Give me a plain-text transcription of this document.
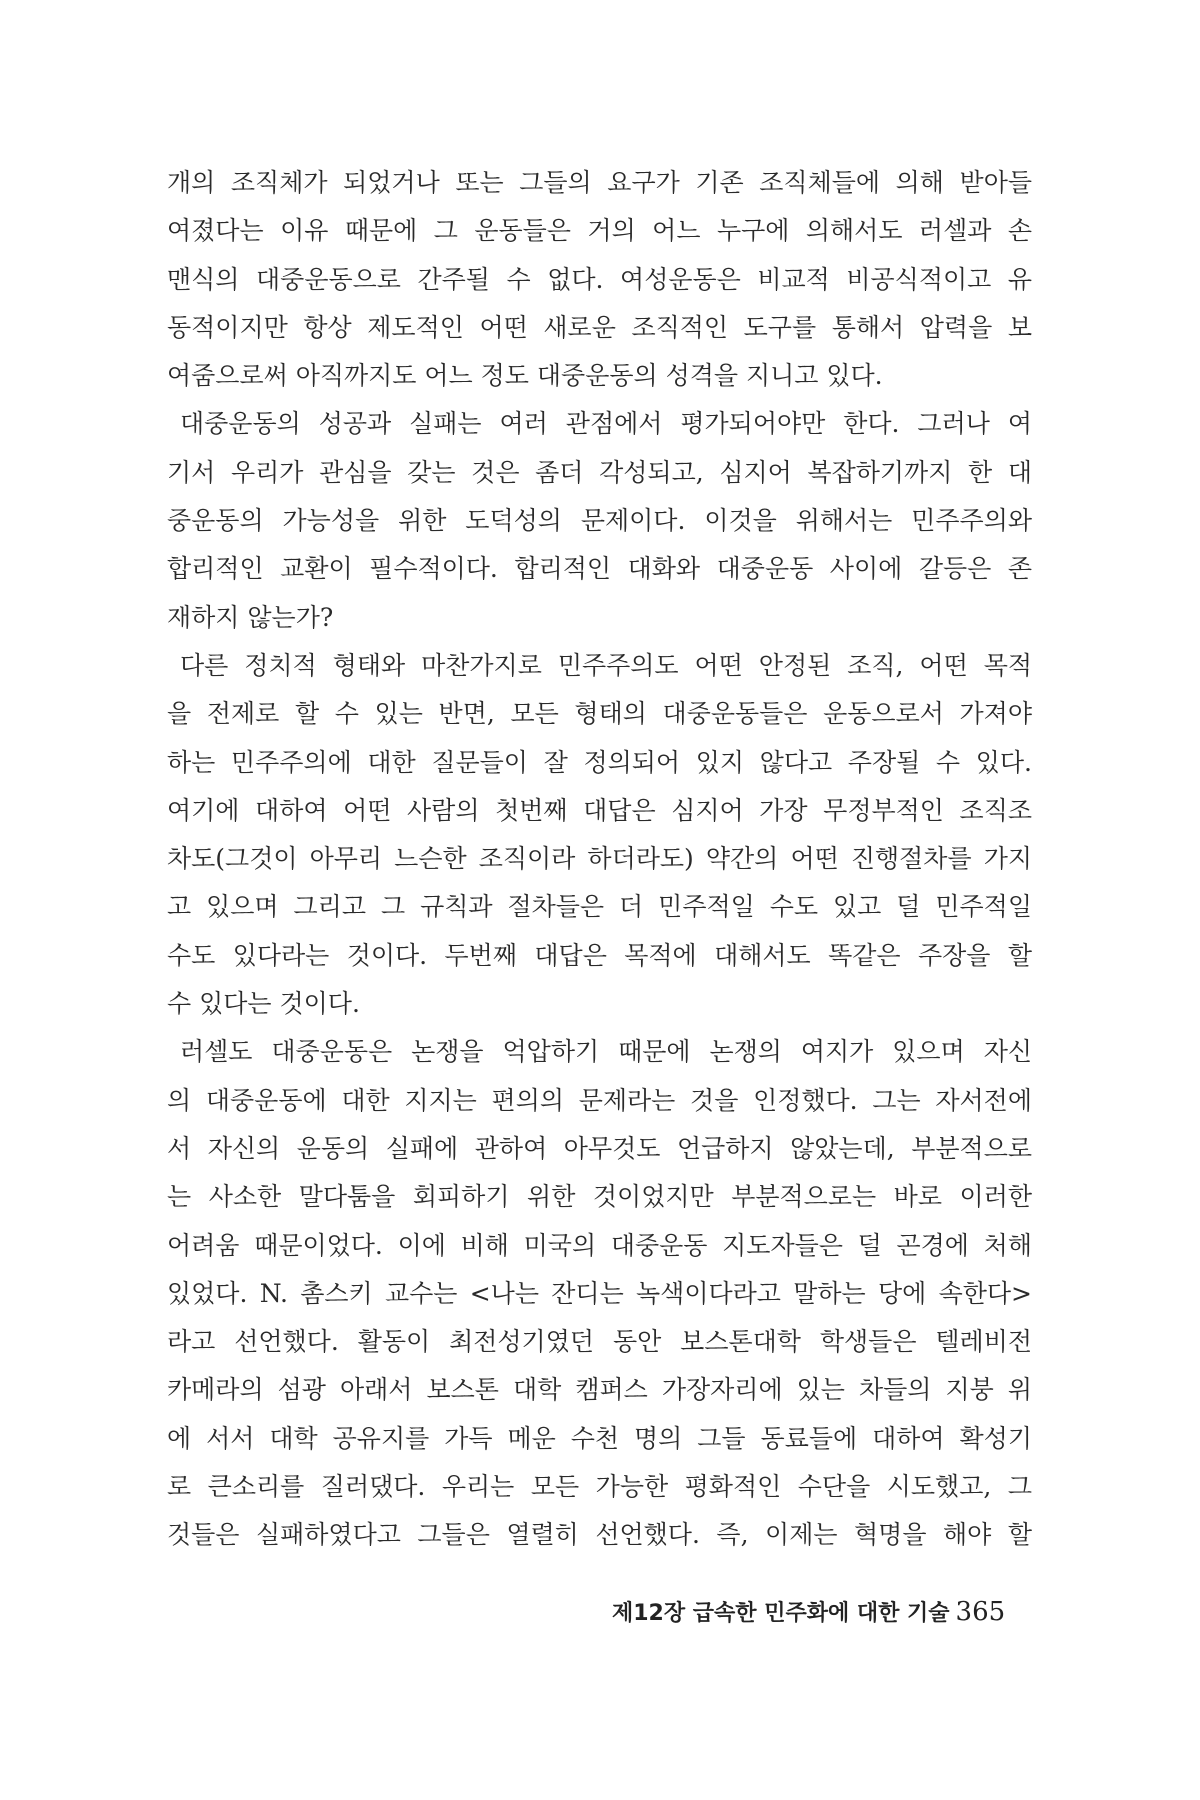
개의 조직체가 되었거나 또는 그들의 요구가 기존 조직체들에 의해 받아들
여졌다는 이유 때문에 그 운동들은 거의 어느 누구에 의해서도 러셀과 손
맨식의 대중운동으로 간주될 수 없다. 여성운동은 비교적 비공식적이고 유
동적이지만 항상 제도적인 어떤 새로운 조직적인 도구를 통해서 압력을 보
여줌으로써 아직까지도 어느 정도 대중운동의 성격을 지니고 있다.
대중운동의 성공과 실패는 여러 관점에서 평가되어야만 한다. 그러나 여
기서 우리가 관심을 갖는 것은 좀더 각성되고, 심지어 복잡하기까지 한 대
중운동의 가능성을 위한 도덕성의 문제이다. 이것을 위해서는 민주주의와
합리적인 교환이 필수적이다. 합리적인 대화와 대중운동 사이에 갈등은 존
재하지 않는가?
다른 정치적 형태와 마찬가지로 민주주의도 어떤 안정된 조직, 어떤 목적
을 전제로 할 수 있는 반면, 모든 형태의 대중운동들은 운동으로서 가져야
하는 민주주의에 대한 질문들이 잘 정의되어 있지 않다고 주장될 수 있다.
여기에 대하여 어떤 사람의 첫번째 대답은 심지어 가장 무정부적인 조직조
차도(그것이 아무리 느슨한 조직이라 하더라도) 약간의 어떤 진행절차를 가지
고 있으며 그리고 그 규칙과 절차들은 더 민주적일 수도 있고 덜 민주적일
수도 있다라는 것이다. 두번째 대답은 목적에 대해서도 똑같은 주장을 할
수 있다는 것이다.
러셀도 대중운동은 논쟁을 억압하기 때문에 논쟁의 여지가 있으며 자신
의 대중운동에 대한 지지는 편의의 문제라는 것을 인정했다. 그는 자서전에
서 자신의 운동의 실패에 관하여 아무것도 언급하지 않았는데, 부분적으로
는 사소한 말다툼을 회피하기 위한 것이었지만 부분적으로는 바로 이러한
어려움 때문이었다. 이에 비해 미국의 대중운동 지도자들은 덜 곤경에 처해
있었다. N. 촘스키 교수는 <나는 잔디는 녹색이다라고 말하는 당에 속한다>
라고 선언했다. 활동이 최전성기였던 동안 보스톤대학 학생들은 텔레비전
카메라의 섬광 아래서 보스톤 대학 캠퍼스 가장자리에 있는 차들의 지붕 위
에 서서 대학 공유지를 가득 메운 수천 명의 그들 동료들에 대하여 확성기
로 큰소리를 질러댔다. 우리는 모든 가능한 평화적인 수단을 시도했고, 그
것들은 실패하였다고 그들은 열렬히 선언했다. 즉, 이제는 혁명을 해야 할
제12장 급속한 민주화에 대한 기술 365
